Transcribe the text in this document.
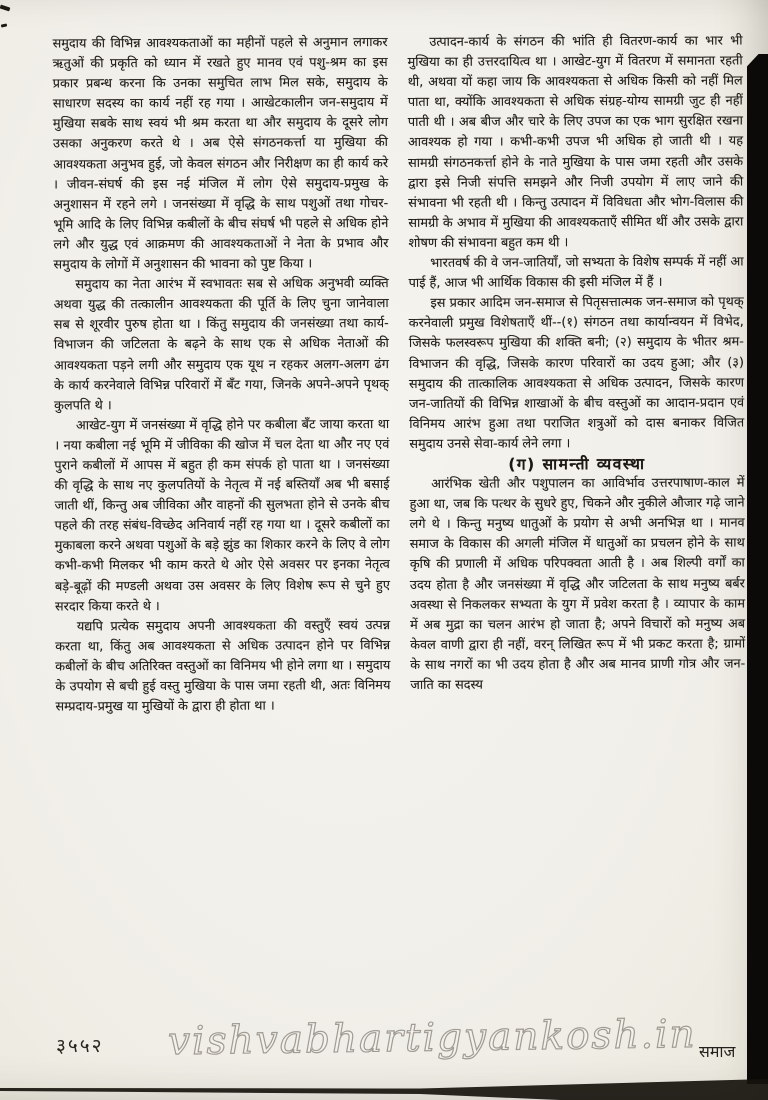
समुदाय की विभिन्न आवश्यकताओं का महीनों पहले से अनुमान लगाकर ऋतुओं की प्रकृति को ध्यान में रखते हुए मानव एवं पशु-श्रम का इस प्रकार प्रबन्ध करना कि उनका समुचित लाभ मिल सके, समुदाय के साधारण सदस्य का कार्य नहीं रह गया । आखेटकालीन जन-समुदाय में मुखिया सबके साथ स्वयं भी श्रम करता था और समुदाय के दूसरे लोग उसका अनुकरण करते थे । अब ऐसे संगठनकर्त्ता या मुखिया की आवश्यकता अनुभव हुई, जो केवल संगठन और निरीक्षण का ही कार्य करे । जीवन-संघर्ष की इस नई मंजिल में लोग ऐसे समुदाय-प्रमुख के अनुशासन में रहने लगे । जनसंख्या में वृद्धि के साथ पशुओं तथा गोचर-भूमि आदि के लिए विभिन्न कबीलों के बीच संघर्ष भी पहले से अधिक होने लगे और युद्ध एवं आक्रमण की आवश्यकताओं ने नेता के प्रभाव और समुदाय के लोगों में अनुशासन की भावना को पुष्ट किया ।

समुदाय का नेता आरंभ में स्वभावतः सब से अधिक अनुभवी व्यक्ति अथवा युद्ध की तत्कालीन आवश्यकता की पूर्ति के लिए चुना जानेवाला सब से शूरवीर पुरुष होता था । किंतु समुदाय की जनसंख्या तथा कार्य-विभाजन की जटिलता के बढ़ने के साथ एक से अधिक नेताओं की आवश्यकता पड़ने लगी और समुदाय एक यूथ न रहकर अलग-अलग ढंग के कार्य करनेवाले विभिन्न परिवारों में बँट गया, जिनके अपने-अपने पृथक् कुलपति थे ।

आखेट-युग में जनसंख्या में वृद्धि होने पर कबीला बँट जाया करता था । नया कबीला नई भूमि में जीविका की खोज में चल देता था और नए एवं पुराने कबीलों में आपस में बहुत ही कम संपर्क हो पाता था । जनसंख्या की वृद्धि के साथ नए कुलपतियों के नेतृत्व में नई बस्तियाँ अब भी बसाई जाती थीं, किन्तु अब जीविका और वाहनों की सुलभता होने से उनके बीच पहले की तरह संबंध-विच्छेद अनिवार्य नहीं रह गया था । दूसरे कबीलों का मुकाबला करने अथवा पशुओं के बड़े झुंड का शिकार करने के लिए वे लोग कभी-कभी मिलकर भी काम करते थे ओर ऐसे अवसर पर इनका नेतृत्व बड़े-बूढ़ों की मण्डली अथवा उस अवसर के लिए विशेष रूप से चुने हुए सरदार किया करते थे ।

यद्यपि प्रत्येक समुदाय अपनी आवश्यकता की वस्तुएँ स्वयं उत्पन्न करता था, किंतु अब आवश्यकता से अधिक उत्पादन होने पर विभिन्न कबीलों के बीच अतिरिक्त वस्तुओं का विनिमय भी होने लगा था । समुदाय के उपयोग से बची हुई वस्तु मुखिया के पास जमा रहती थी, अतः विनिमय सम्प्रदाय-प्रमुख या मुखियों के द्वारा ही होता था ।

उत्पादन-कार्य के संगठन की भांति ही वितरण-कार्य का भार भी मुखिया का ही उत्तरदायित्व था । आखेट-युग में वितरण में समानता रहती थी, अथवा यों कहा जाय कि आवश्यकता से अधिक किसी को नहीं मिल पाता था, क्योंकि आवश्यकता से अधिक संग्रह-योग्य सामग्री जुट ही नहीं पाती थी । अब बीज और चारे के लिए उपज का एक भाग सुरक्षित रखना आवश्यक हो गया । कभी-कभी उपज भी अधिक हो जाती थी । यह सामग्री संगठनकर्त्ता होने के नाते मुखिया के पास जमा रहती और उसके द्वारा इसे निजी संपत्ति समझने और निजी उपयोग में लाए जाने की संभावना भी रहती थी । किन्तु उत्पादन में विविधता और भोग-विलास की सामग्री के अभाव में मुखिया की आवश्यकताएँ सीमित थीं और उसके द्वारा शोषण की संभावना बहुत कम थी ।

भारतवर्ष की वे जन-जातियाँ, जो सभ्यता के विशेष सम्पर्क में नहीं आ पाई हैं, आज भी आर्थिक विकास की इसी मंजिल में हैं ।

इस प्रकार आदिम जन-समाज से पितृसत्तात्मक जन-समाज को पृथक् करनेवाली प्रमुख विशेषताएँ थीं--(१) संगठन तथा कार्यान्वयन में विभेद, जिसके फलस्वरूप मुखिया की शक्ति बनी; (२) समुदाय के भीतर श्रम-विभाजन की वृद्धि, जिसके कारण परिवारों का उदय हुआ; और (३) समुदाय की तात्कालिक आवश्यकता से अधिक उत्पादन, जिसके कारण जन-जातियों की विभिन्न शाखाओं के बीच वस्तुओं का आदान-प्रदान एवं विनिमय आरंभ हुआ तथा पराजित शत्रुओं को दास बनाकर विजित समुदाय उनसे सेवा-कार्य लेने लगा ।

(ग) सामन्ती व्यवस्था

आरंभिक खेती और पशुपालन का आविर्भाव उत्तरपाषाण-काल में हुआ था, जब कि पत्थर के सुधरे हुए, चिकने और नुकीले औजार गढ़े जाने लगे थे । किन्तु मनुष्य धातुओं के प्रयोग से अभी अनभिज्ञ था । मानव समाज के विकास की अगली मंजिल में धातुओं का प्रचलन होने के साथ कृषि की प्रणाली में अधिक परिपक्वता आती है । अब शिल्पी वर्गों का उदय होता है और जनसंख्या में वृद्धि और जटिलता के साथ मनुष्य बर्बर अवस्था से निकलकर सभ्यता के युग में प्रवेश करता है । व्यापार के काम में अब मुद्रा का चलन आरंभ हो जाता है; अपने विचारों को मनुष्य अब केवल वाणी द्वारा ही नहीं, वरन् लिखित रूप में भी प्रकट करता है; ग्रामों के साथ नगरों का भी उदय होता है और अब मानव प्राणी गोत्र और जन-जाति का सदस्य

३५५२ vishvabhartigyankosh.in समाज
